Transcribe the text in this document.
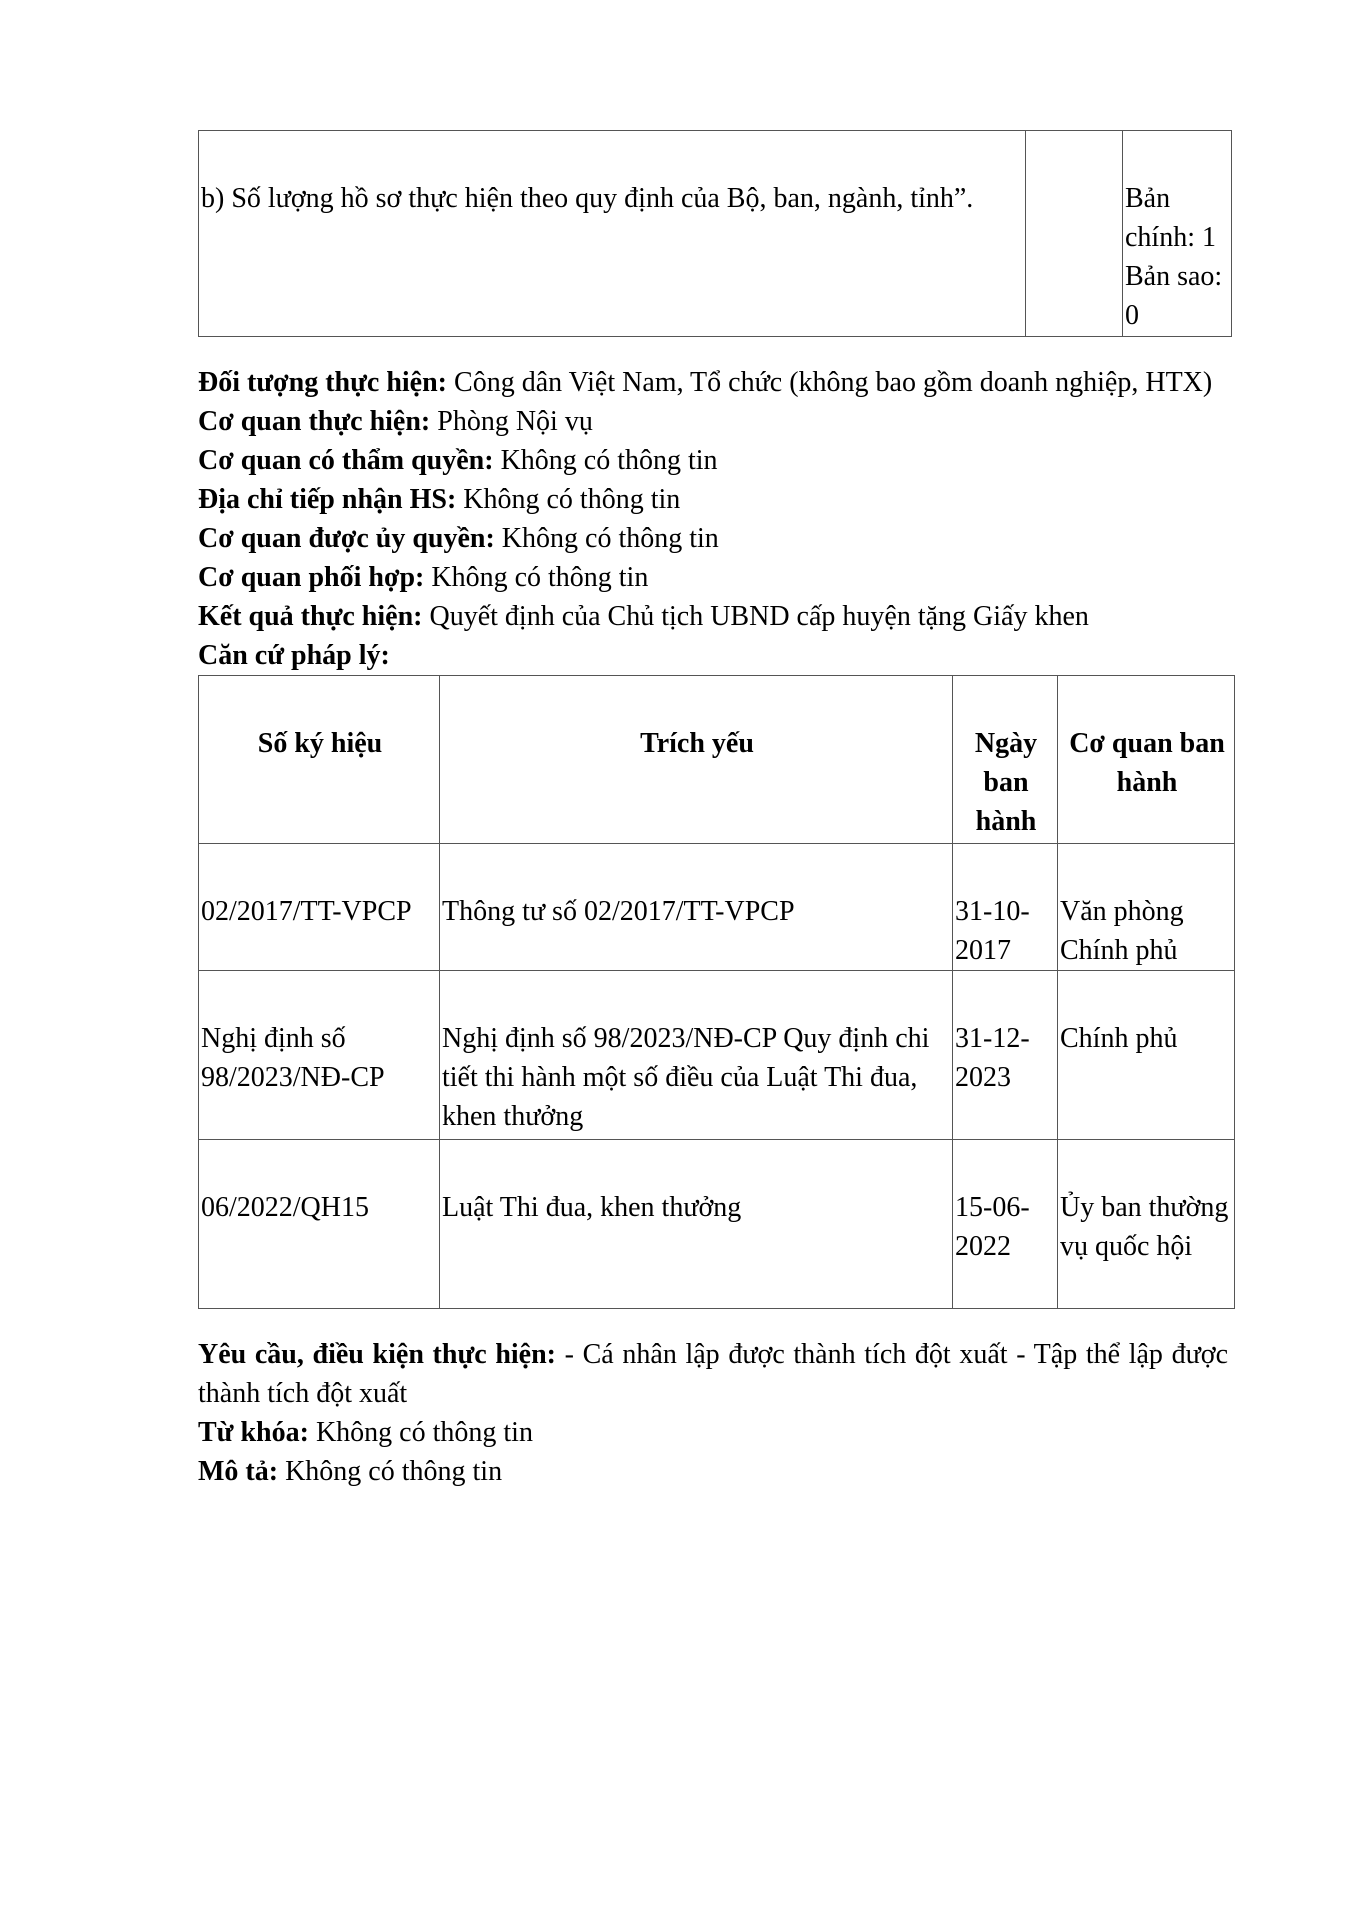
b) Số lượng hồ sơ thực hiện theo quy định của Bộ, ban, ngành, tỉnh”.		Bản chính: 1 Bản sao: 0

Đối tượng thực hiện: Công dân Việt Nam, Tổ chức (không bao gồm doanh nghiệp, HTX)

Cơ quan thực hiện: Phòng Nội vụ

Cơ quan có thẩm quyền: Không có thông tin

Địa chỉ tiếp nhận HS: Không có thông tin

Cơ quan được ủy quyền: Không có thông tin

Cơ quan phối hợp: Không có thông tin

Kết quả thực hiện: Quyết định của Chủ tịch UBND cấp huyện tặng Giấy khen

Căn cứ pháp lý:

Số ký hiệu	Trích yếu	Ngày ban hành	Cơ quan ban hành
02/2017/TT-VPCP	Thông tư số 02/2017/TT-VPCP	31-10-2017	Văn phòng Chính phủ
Nghị định số 98/2023/NĐ-CP	Nghị định số 98/2023/NĐ-CP Quy định chi tiết thi hành một số điều của Luật Thi đua, khen thưởng	31-12-2023	Chính phủ
06/2022/QH15	Luật Thi đua, khen thưởng	15-06-2022	Ủy ban thường vụ quốc hội

Yêu cầu, điều kiện thực hiện: - Cá nhân lập được thành tích đột xuất - Tập thể lập được thành tích đột xuất

Từ khóa: Không có thông tin

Mô tả: Không có thông tin
